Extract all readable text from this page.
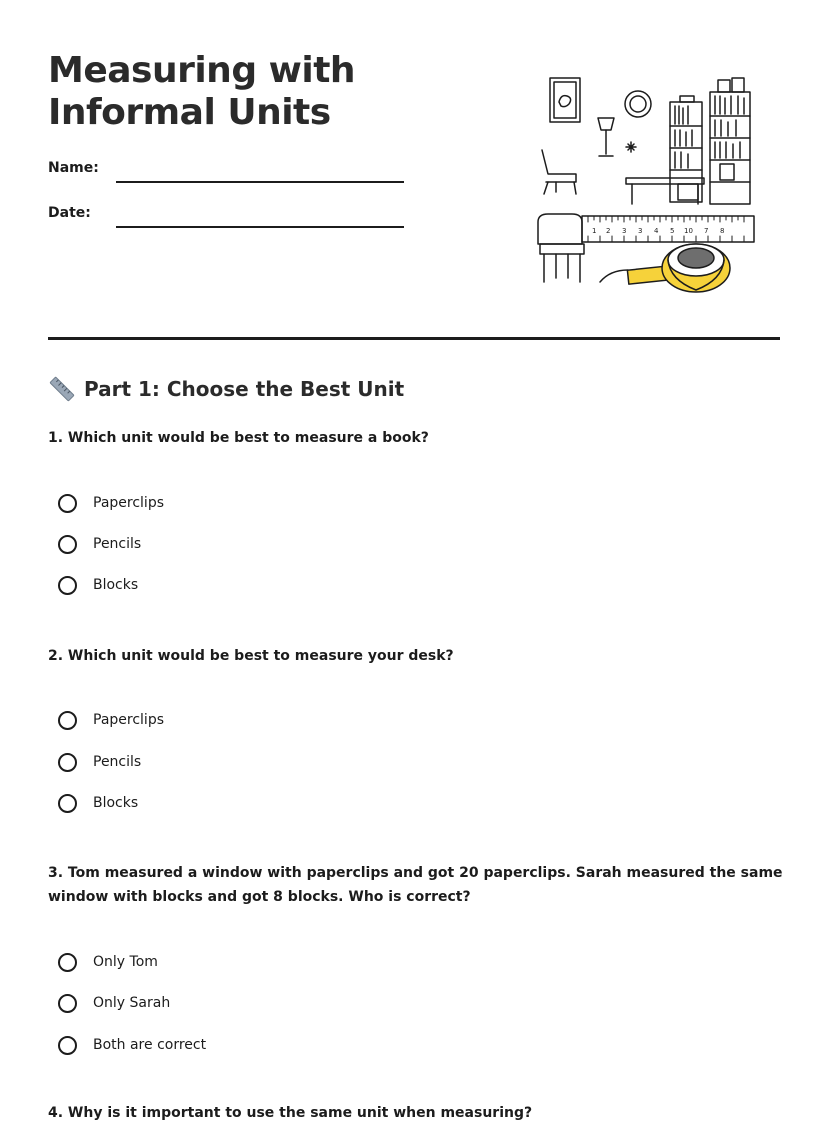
Measuring with Informal Units
Name:
Date:
1 2 3 3 4 5 10 7 8
Part 1: Choose the Best Unit

1. Which unit would be best to measure a book?

Paperclips
Pencils
Blocks

2. Which unit would be best to measure your desk?

Paperclips
Pencils
Blocks

3. Tom measured a window with paperclips and got 20 paperclips. Sarah measured the same window with blocks and got 8 blocks. Who is correct?

Only Tom
Only Sarah
Both are correct

4. Why is it important to use the same unit when measuring?
